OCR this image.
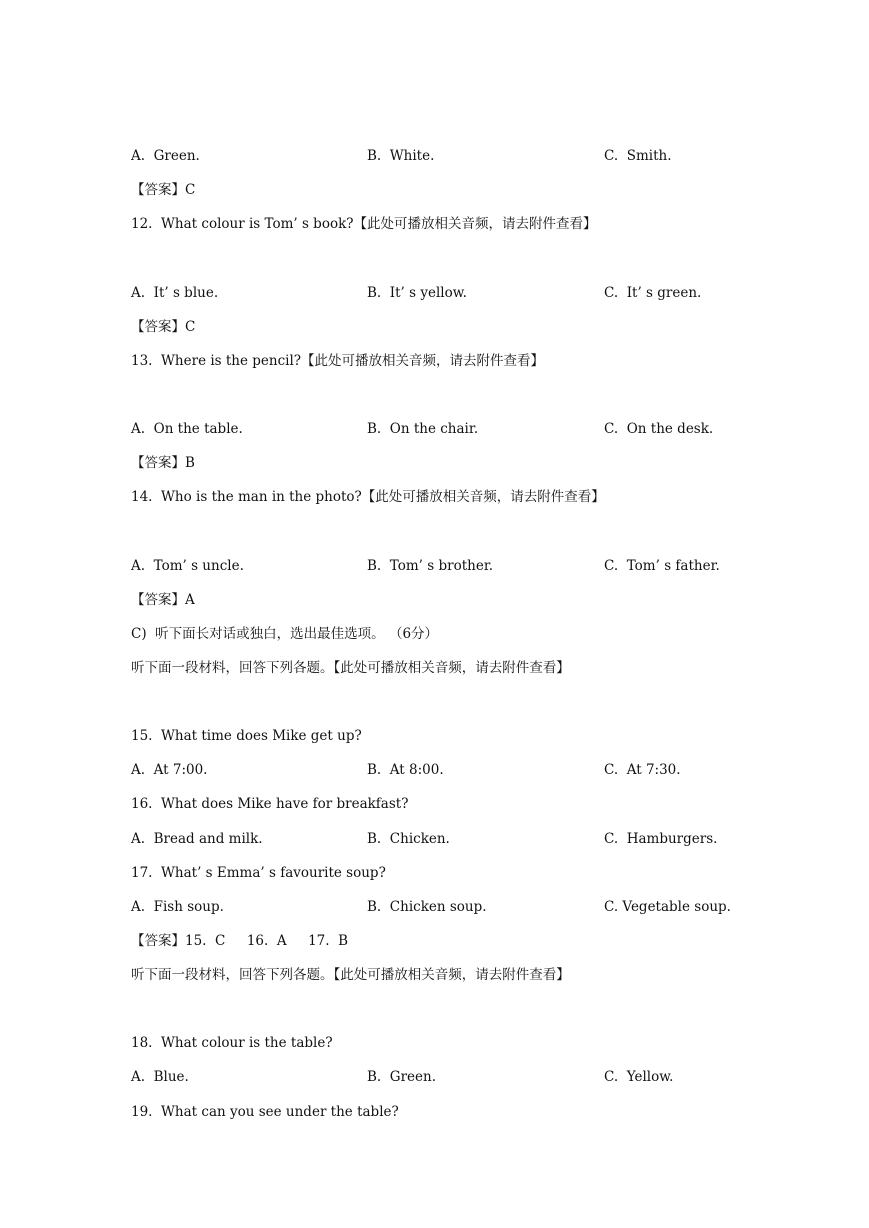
A.  Green.	B.  White.	C.  Smith.
【答案】C
12.  What colour is Tom’ s book?【此处可播放相关音频，请去附件查看】
A.  It’ s blue.	B.  It’ s yellow.	C.  It’ s green.
【答案】C
13.  Where is the pencil?【此处可播放相关音频，请去附件查看】
A.  On the table.	B.  On the chair.	C.  On the desk.
【答案】B
14.  Who is the man in the photo?【此处可播放相关音频，请去附件查看】
A.  Tom’ s uncle.	B.  Tom’ s brother.	C.  Tom’ s father.
【答案】A
C)  听下面长对话或独白，选出最佳选项。 （6分）
听下面一段材料，回答下列各题。【此处可播放相关音频，请去附件查看】
15.  What time does Mike get up?
A.  At 7:00.	B.  At 8:00.	C.  At 7:30.
16.  What does Mike have for breakfast?
A.  Bread and milk.	B.  Chicken.	C.  Hamburgers.
17.  What’ s Emma’ s favourite soup?
A.  Fish soup.	B.  Chicken soup.	C. Vegetable soup.
【答案】15.  C     16.  A     17.  B
听下面一段材料，回答下列各题。【此处可播放相关音频，请去附件查看】
18.  What colour is the table?
A.  Blue.	B.  Green.	C.  Yellow.
19.  What can you see under the table?
